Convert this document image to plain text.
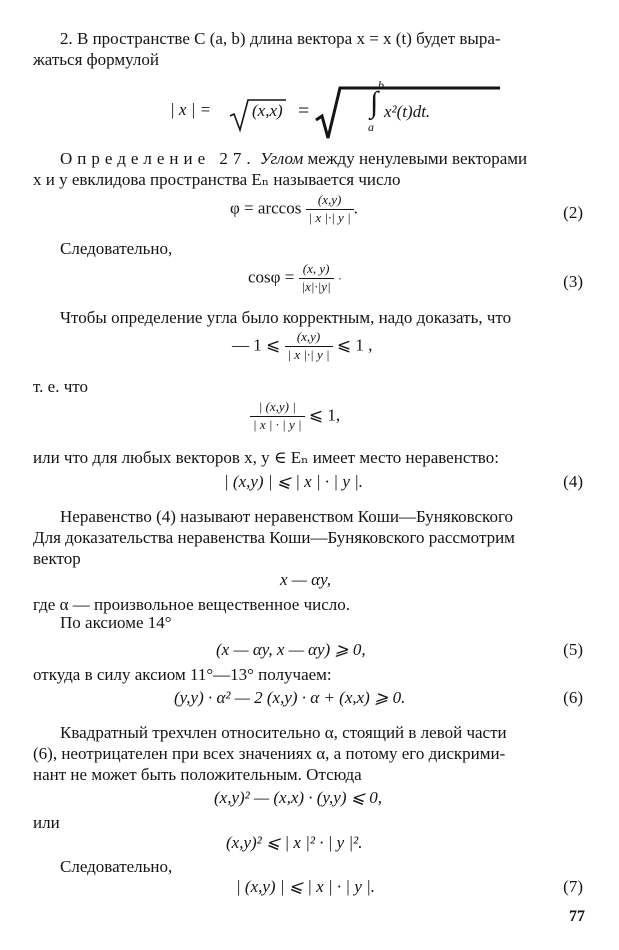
2. В пространстве C (a, b) длина вектора x = x (t) будет выра-
жаться формулой
| x | = (x,x) =
b
∫
a
x²(t)dt.
Определение 27. Углом между ненулевыми векторами
x и y евклидова пространства Eₙ называется число
$\varphi = \arccos \frac{(x,y)}{| x |\cdot| y |}$ .	(2)
Следовательно,
$\cos\varphi = \frac{(x, y)}{|x|\cdot|y|}$ ·	(3)
Чтобы определение угла было корректным, надо доказать, что
— 1 ⩽ $\frac{(x,y)}{| x |\cdot| y |}$ ⩽ 1 ,
т. е. что
$\frac{| (x,y) |}{| x | \cdot | y |}$ ⩽ 1,
или что для любых векторов x, y ∈ Eₙ имеет место неравенство:
| (x,y) | ⩽ | x | · | y |.	(4)
Неравенство (4) называют неравенством Коши—Буняковского
Для доказательства неравенства Коши—Буняковского рассмотрим
вектор
x — αy,
где α — произвольное вещественное число.
По аксиоме 14°
(x — αy, x — αy) ⩾ 0,	(5)
откуда в силу аксиом 11°—13° получаем:
(y,y) · α² — 2 (x,y) · α + (x,x) ⩾ 0.	(6)
Квадратный трехчлен относительно α, стоящий в левой части
(6), неотрицателен при всех значениях α, а потому его дискрими-
нант не может быть положительным. Отсюда
(x,y)² — (x,x) · (y,y) ⩽ 0,
или
(x,y)² ⩽ | x |² · | y |².
Следовательно,
| (x,y) | ⩽ | x | · | y |.	(7)
77
